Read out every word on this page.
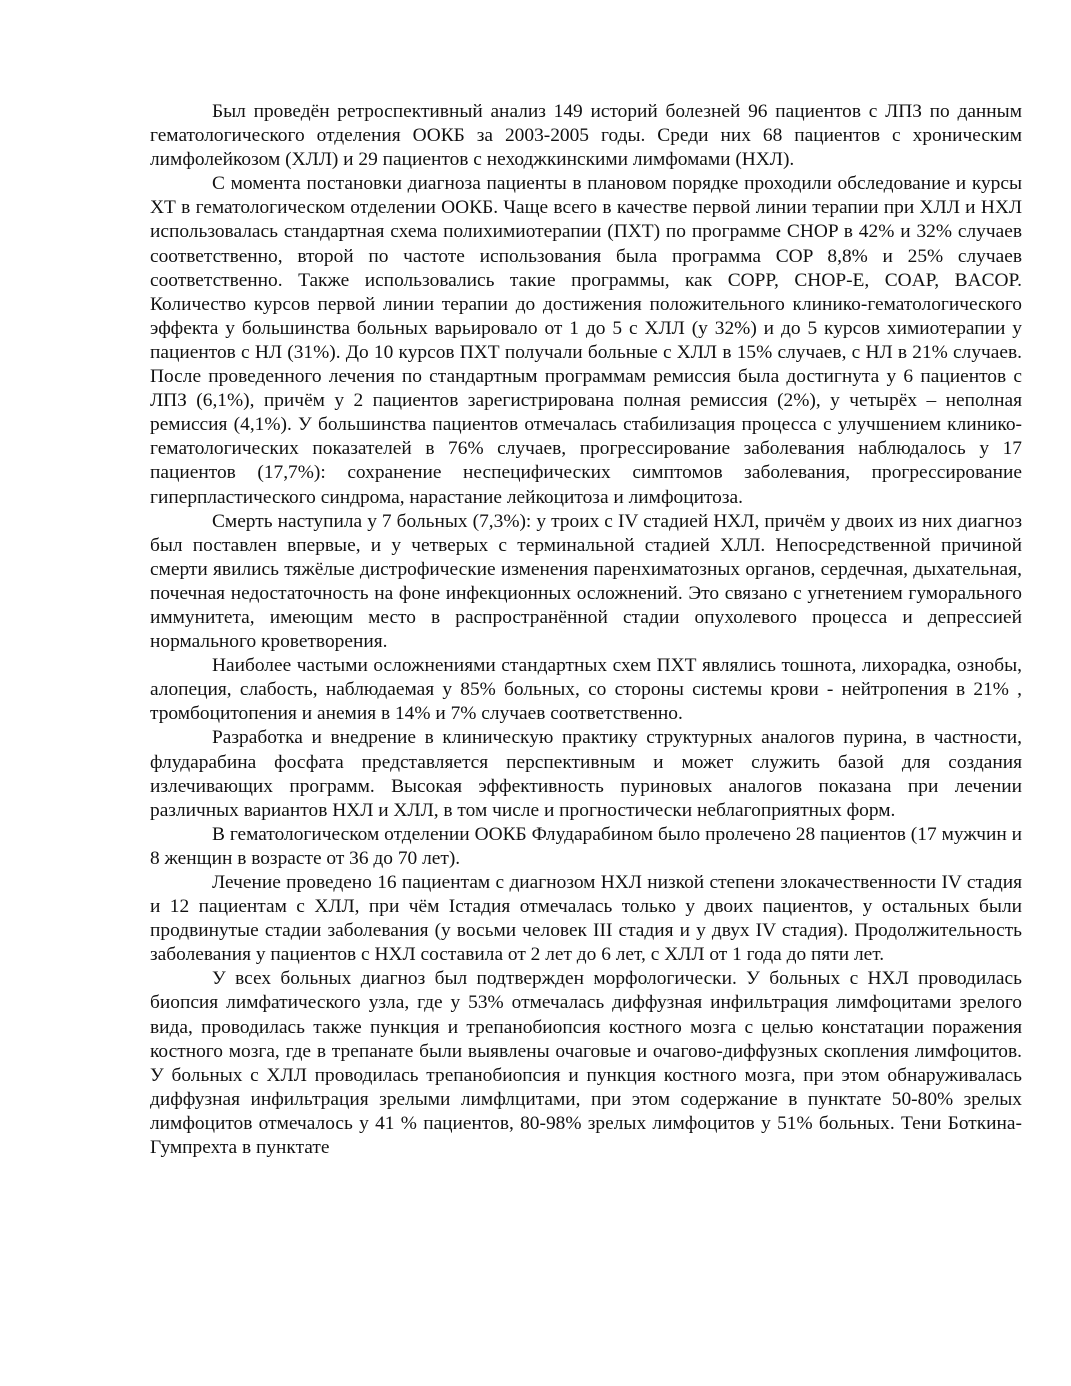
Был проведён ретроспективный анализ 149 историй болезней 96 пациентов с ЛПЗ по данным гематологического отделения ООКБ за 2003-2005 годы. Среди них 68 пациентов с хроническим лимфолейкозом (ХЛЛ) и 29 пациентов с неходжкинскими лимфомами (НХЛ).

С момента постановки диагноза пациенты в плановом порядке проходили обследование и курсы ХТ в гематологическом отделении ООКБ. Чаще всего в качестве первой линии терапии при ХЛЛ и НХЛ использовалась стандартная схема полихимиотерапии (ПХТ) по программе CHOP в 42% и 32% случаев соответственно, второй по частоте использования была программа COP 8,8% и 25% случаев соответственно. Также использовались такие программы, как COPP, CHOP-E, COAP, BACOP. Количество курсов первой линии терапии до достижения положительного клинико-гематологического эффекта у большинства больных варьировало от 1 до 5 с ХЛЛ (у 32%) и до 5 курсов химиотерапии у пациентов с НЛ (31%). До 10 курсов ПХТ получали больные с ХЛЛ в 15% случаев, с НЛ в 21% случаев. После проведенного лечения по стандартным программам ремиссия была достигнута у 6 пациентов с ЛПЗ (6,1%), причём у 2 пациентов зарегистрирована полная ремиссия (2%), у четырёх – неполная ремиссия (4,1%). У большинства пациентов отмечалась стабилизация процесса с улучшением клинико-гематологических показателей в 76% случаев, прогрессирование заболевания наблюдалось у 17 пациентов (17,7%): сохранение неспецифических симптомов заболевания, прогрессирование гиперпластического синдрома, нарастание лейкоцитоза и лимфоцитоза.

Смерть наступила у 7 больных (7,3%): у троих с IV стадией НХЛ, причём у двоих из них диагноз был поставлен впервые, и у четверых с терминальной стадией ХЛЛ. Непосредственной причиной смерти явились тяжёлые дистрофические изменения паренхиматозных органов, сердечная, дыхательная, почечная недостаточность на фоне инфекционных осложнений. Это связано с угнетением гуморального иммунитета, имеющим место в распространённой стадии опухолевого процесса и депрессией нормального кроветворения.

Наиболее частыми осложнениями стандартных схем ПХТ являлись тошнота, лихорадка, ознобы, алопеция, слабость, наблюдаемая у 85% больных, со стороны системы крови - нейтропения в 21% , тромбоцитопения и анемия в 14% и 7% случаев соответственно.

Разработка и внедрение в клиническую практику структурных аналогов пурина, в частности, флударабина фосфата представляется перспективным и может служить базой для создания излечивающих программ. Высокая эффективность пуриновых аналогов показана при лечении различных вариантов НХЛ и ХЛЛ, в том числе и прогностически неблагоприятных форм.

В гематологическом отделении ООКБ Флударабином было пролечено 28 пациентов (17 мужчин и 8 женщин в возрасте от 36 до 70 лет).

Лечение проведено 16 пациентам с диагнозом НХЛ низкой степени злокачественности IV стадия и 12 пациентам с ХЛЛ, при чём Iстадия отмечалась только у двоих пациентов, у остальных были продвинутые стадии заболевания (у восьми человек III стадия и у двух IV стадия). Продолжительность заболевания у пациентов с НХЛ составила от 2 лет до 6 лет, с ХЛЛ от 1 года до пяти лет.

У всех больных диагноз был подтвержден морфологически. У больных с НХЛ проводилась биопсия лимфатического узла, где у 53% отмечалась диффузная инфильтрация лимфоцитами зрелого вида, проводилась также пункция и трепанобиопсия костного мозга с целью констатации поражения костного мозга, где в трепанате были выявлены очаговые и очагово-диффузных скопления лимфоцитов. У больных с ХЛЛ проводилась трепанобиопсия и пункция костного мозга, при этом обнаруживалась диффузная инфильтрация зрелыми лимфлцитами, при этом содержание в пунктате 50-80% зрелых лимфоцитов отмечалось у 41 % пациентов, 80-98% зрелых лимфоцитов у 51% больных. Тени Боткина-Гумпрехта в пунктате
